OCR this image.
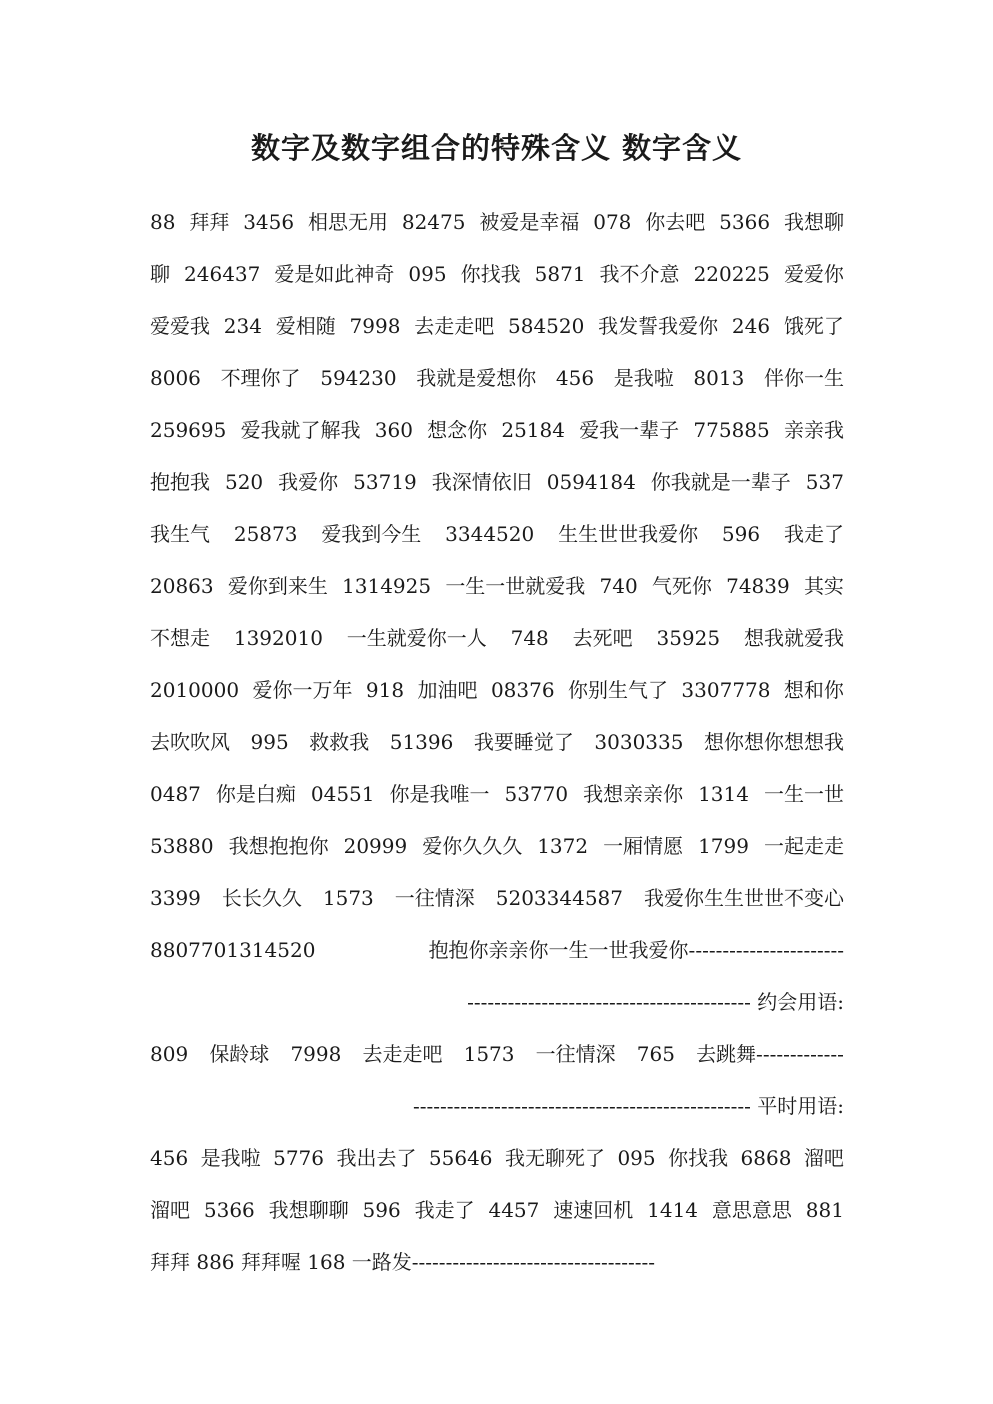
数字及数字组合的特殊含义 数字含义
88 拜拜 3456 相思无用 82475 被爱是幸福 078 你去吧 5366 我想聊
聊 246437 爱是如此神奇 095 你找我 5871 我不介意 220225 爱爱你
爱爱我 234 爱相随 7998 去走走吧 584520 我发誓我爱你 246 饿死了
8006 不理你了 594230 我就是爱想你 456 是我啦 8013 伴你一生
259695 爱我就了解我 360 想念你 25184 爱我一辈子 775885 亲亲我
抱抱我 520 我爱你 53719 我深情依旧 0594184 你我就是一辈子 537
我生气 25873 爱我到今生 3344520 生生世世我爱你 596 我走了
20863 爱你到来生 1314925 一生一世就爱我 740 气死你 74839 其实
不想走 1392010 一生就爱你一人 748 去死吧 35925 想我就爱我
2010000 爱你一万年 918 加油吧 08376 你别生气了 3307778 想和你
去吹吹风 995 救救我 51396 我要睡觉了 3030335 想你想你想想我
0487 你是白痴 04551 你是我唯一 53770 我想亲亲你 1314 一生一世
53880 我想抱抱你 20999 爱你久久久 1372 一厢情愿 1799 一起走走
3399 长长久久 1573 一往情深 5203344587 我爱你生生世世不变心
8807701314520	抱抱你亲亲你一生一世我爱你-----------------------
------------------------------------------ 约会用语:
809 保龄球 7998 去走走吧 1573 一往情深 765 去跳舞-------------
-------------------------------------------------- 平时用语:
456 是我啦 5776 我出去了 55646 我无聊死了 095 你找我 6868 溜吧
溜吧 5366 我想聊聊 596 我走了 4457 速速回机 1414 意思意思 881
拜拜 886 拜拜喔 168 一路发------------------------------------
